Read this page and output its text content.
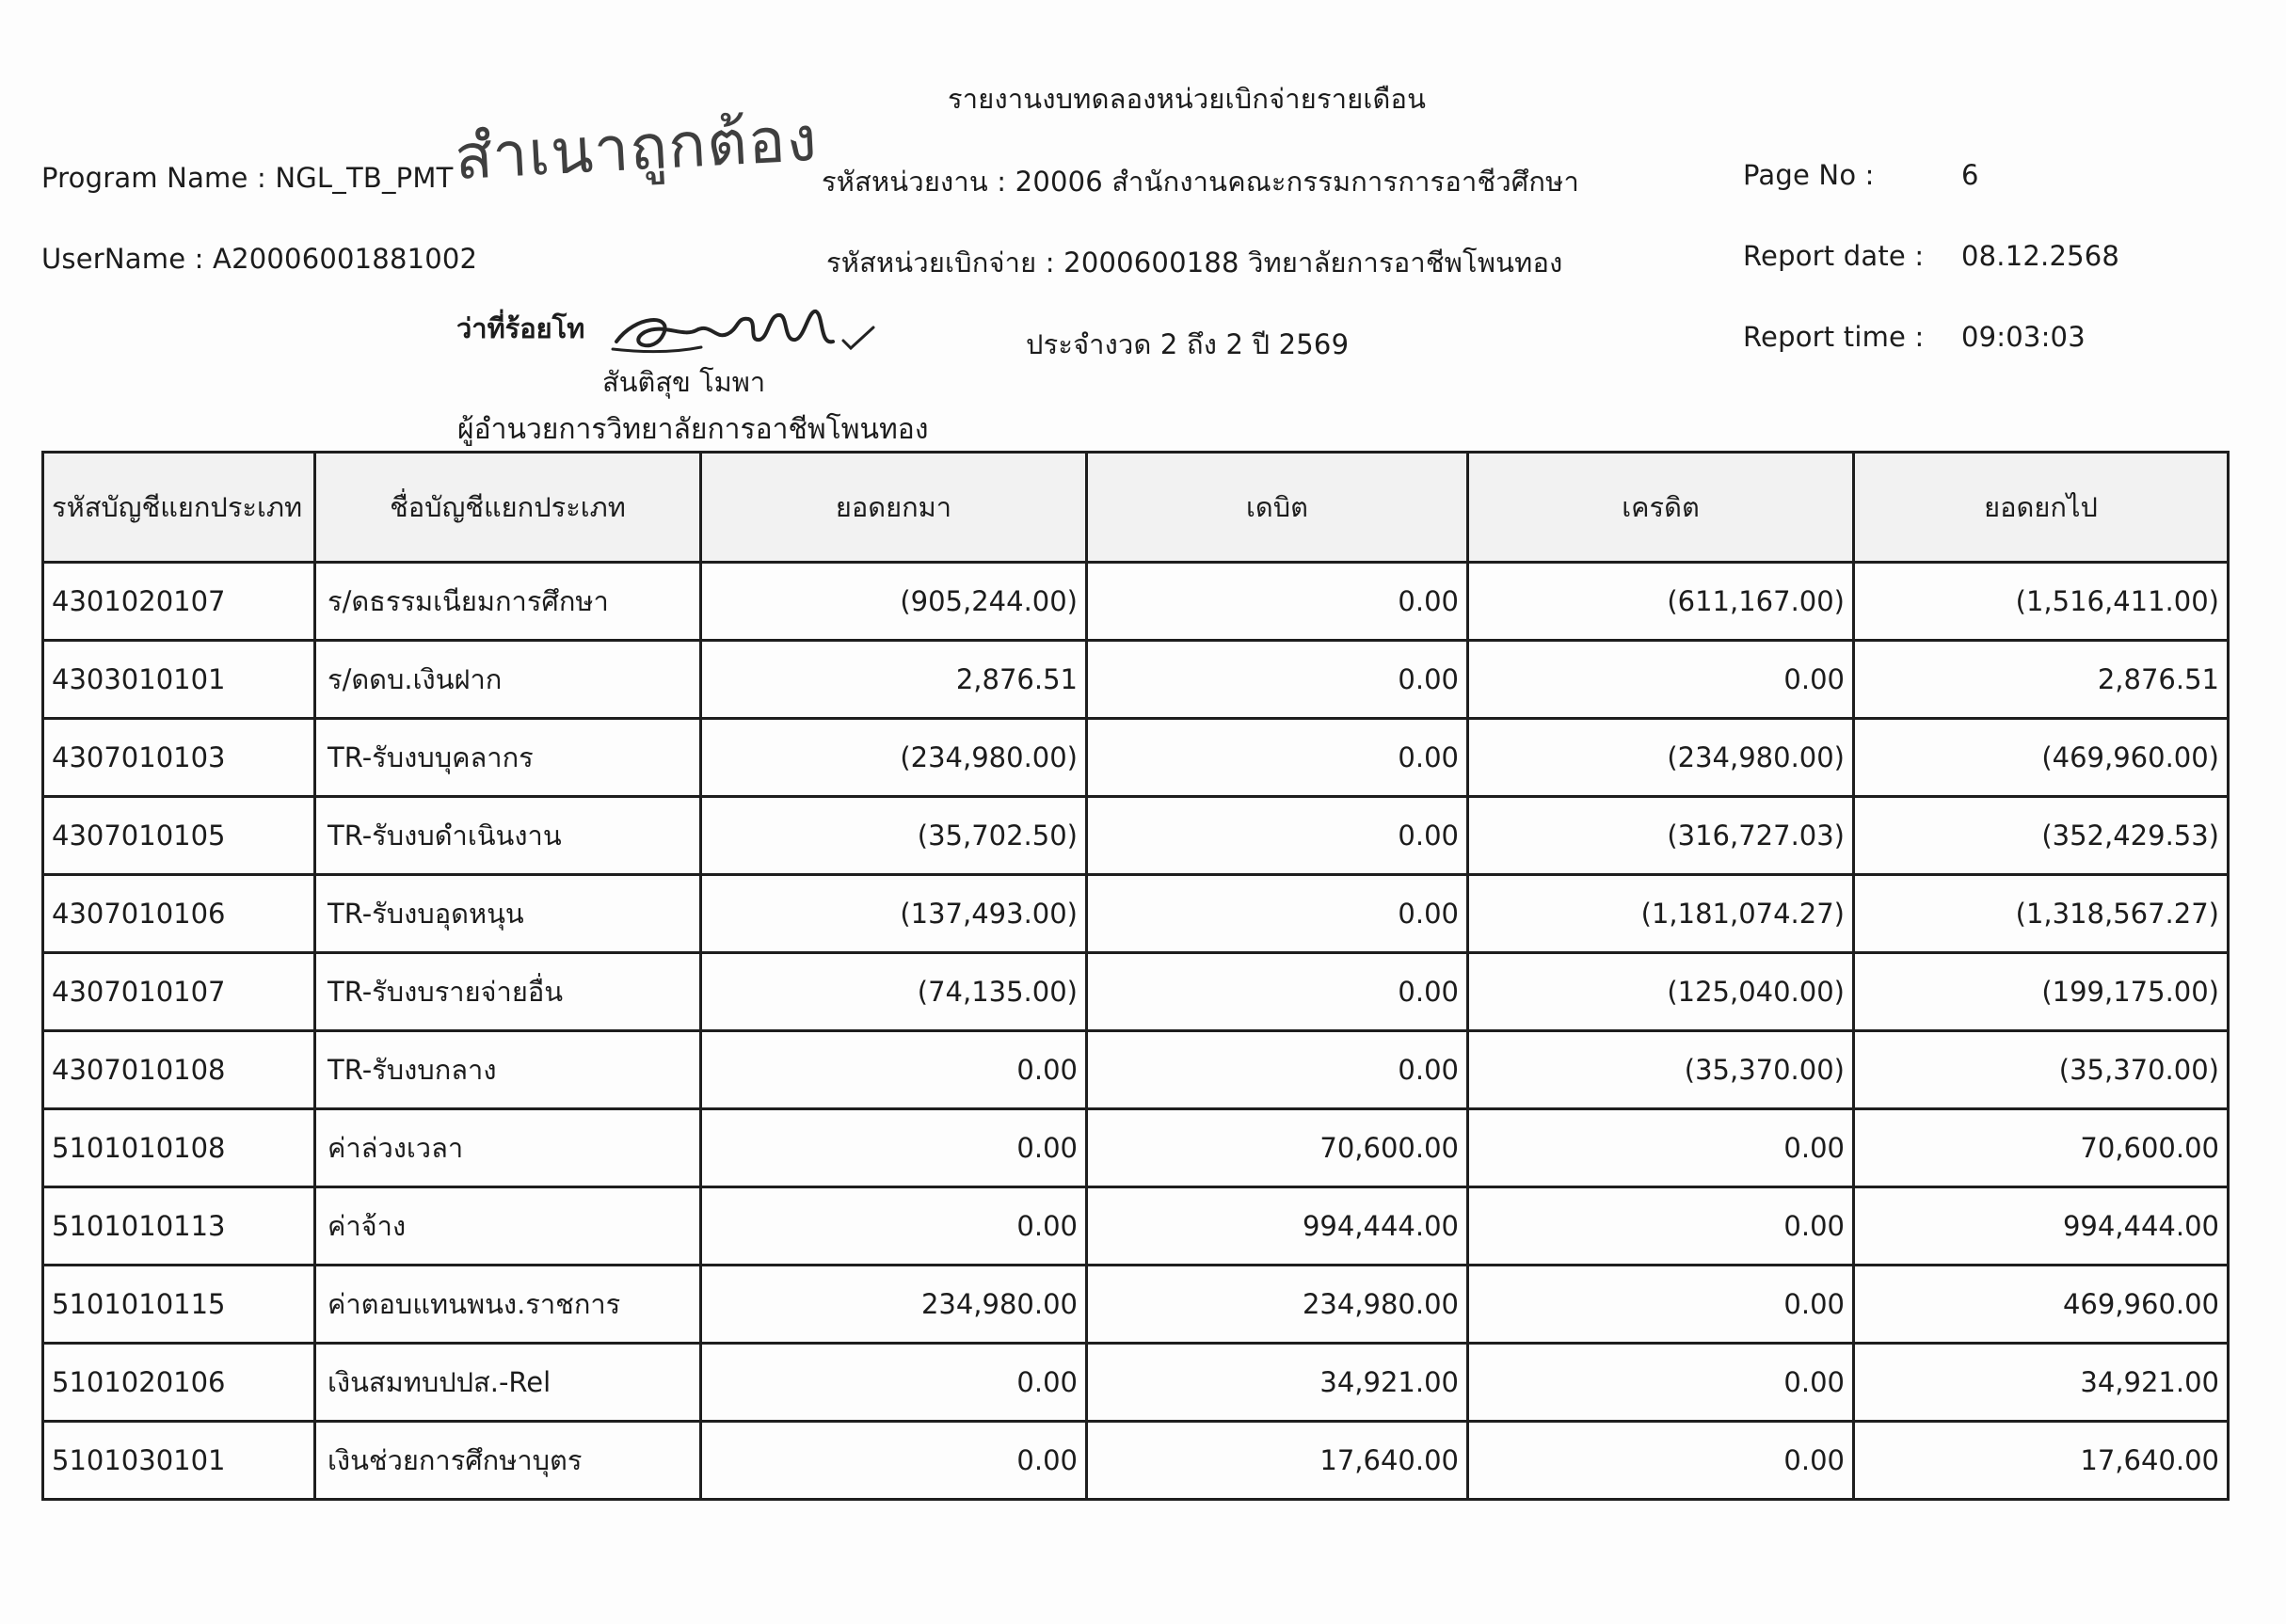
รายงานงบทดลองหน่วยเบิกจ่ายรายเดือน
สำเนาถูกต้อง
Program Name : NGL_TB_PMT
UserName : A20006001881002
รหัสหน่วยงาน : 20006 สำนักงานคณะกรรมการการอาชีวศึกษา
รหัสหน่วยเบิกจ่าย : 2000600188 วิทยาลัยการอาชีพโพนทอง
ประจำงวด 2 ถึง 2 ปี 2569
Page No :	6
Report date : 08.12.2568
Report time : 09:03:03
ว่าที่ร้อยโท
สันติสุข โมพา
ผู้อำนวยการวิทยาลัยการอาชีพโพนทอง
รหัสบัญชีแยกประเภท	ชื่อบัญชีแยกประเภท	ยอดยกมา	เดบิต	เครดิต	ยอดยกไป
4301020107	ร/ดธรรมเนียมการศึกษา	(905,244.00)	0.00	(611,167.00)	(1,516,411.00)
4303010101	ร/ดดบ.เงินฝาก	2,876.51	0.00	0.00	2,876.51
4307010103	TR-รับงบบุคลากร	(234,980.00)	0.00	(234,980.00)	(469,960.00)
4307010105	TR-รับงบดำเนินงาน	(35,702.50)	0.00	(316,727.03)	(352,429.53)
4307010106	TR-รับงบอุดหนุน	(137,493.00)	0.00	(1,181,074.27)	(1,318,567.27)
4307010107	TR-รับงบรายจ่ายอื่น	(74,135.00)	0.00	(125,040.00)	(199,175.00)
4307010108	TR-รับงบกลาง	0.00	0.00	(35,370.00)	(35,370.00)
5101010108	ค่าล่วงเวลา	0.00	70,600.00	0.00	70,600.00
5101010113	ค่าจ้าง	0.00	994,444.00	0.00	994,444.00
5101010115	ค่าตอบแทนพนง.ราชการ	234,980.00	234,980.00	0.00	469,960.00
5101020106	เงินสมทบปปส.-Rel	0.00	34,921.00	0.00	34,921.00
5101030101	เงินช่วยการศึกษาบุตร	0.00	17,640.00	0.00	17,640.00
